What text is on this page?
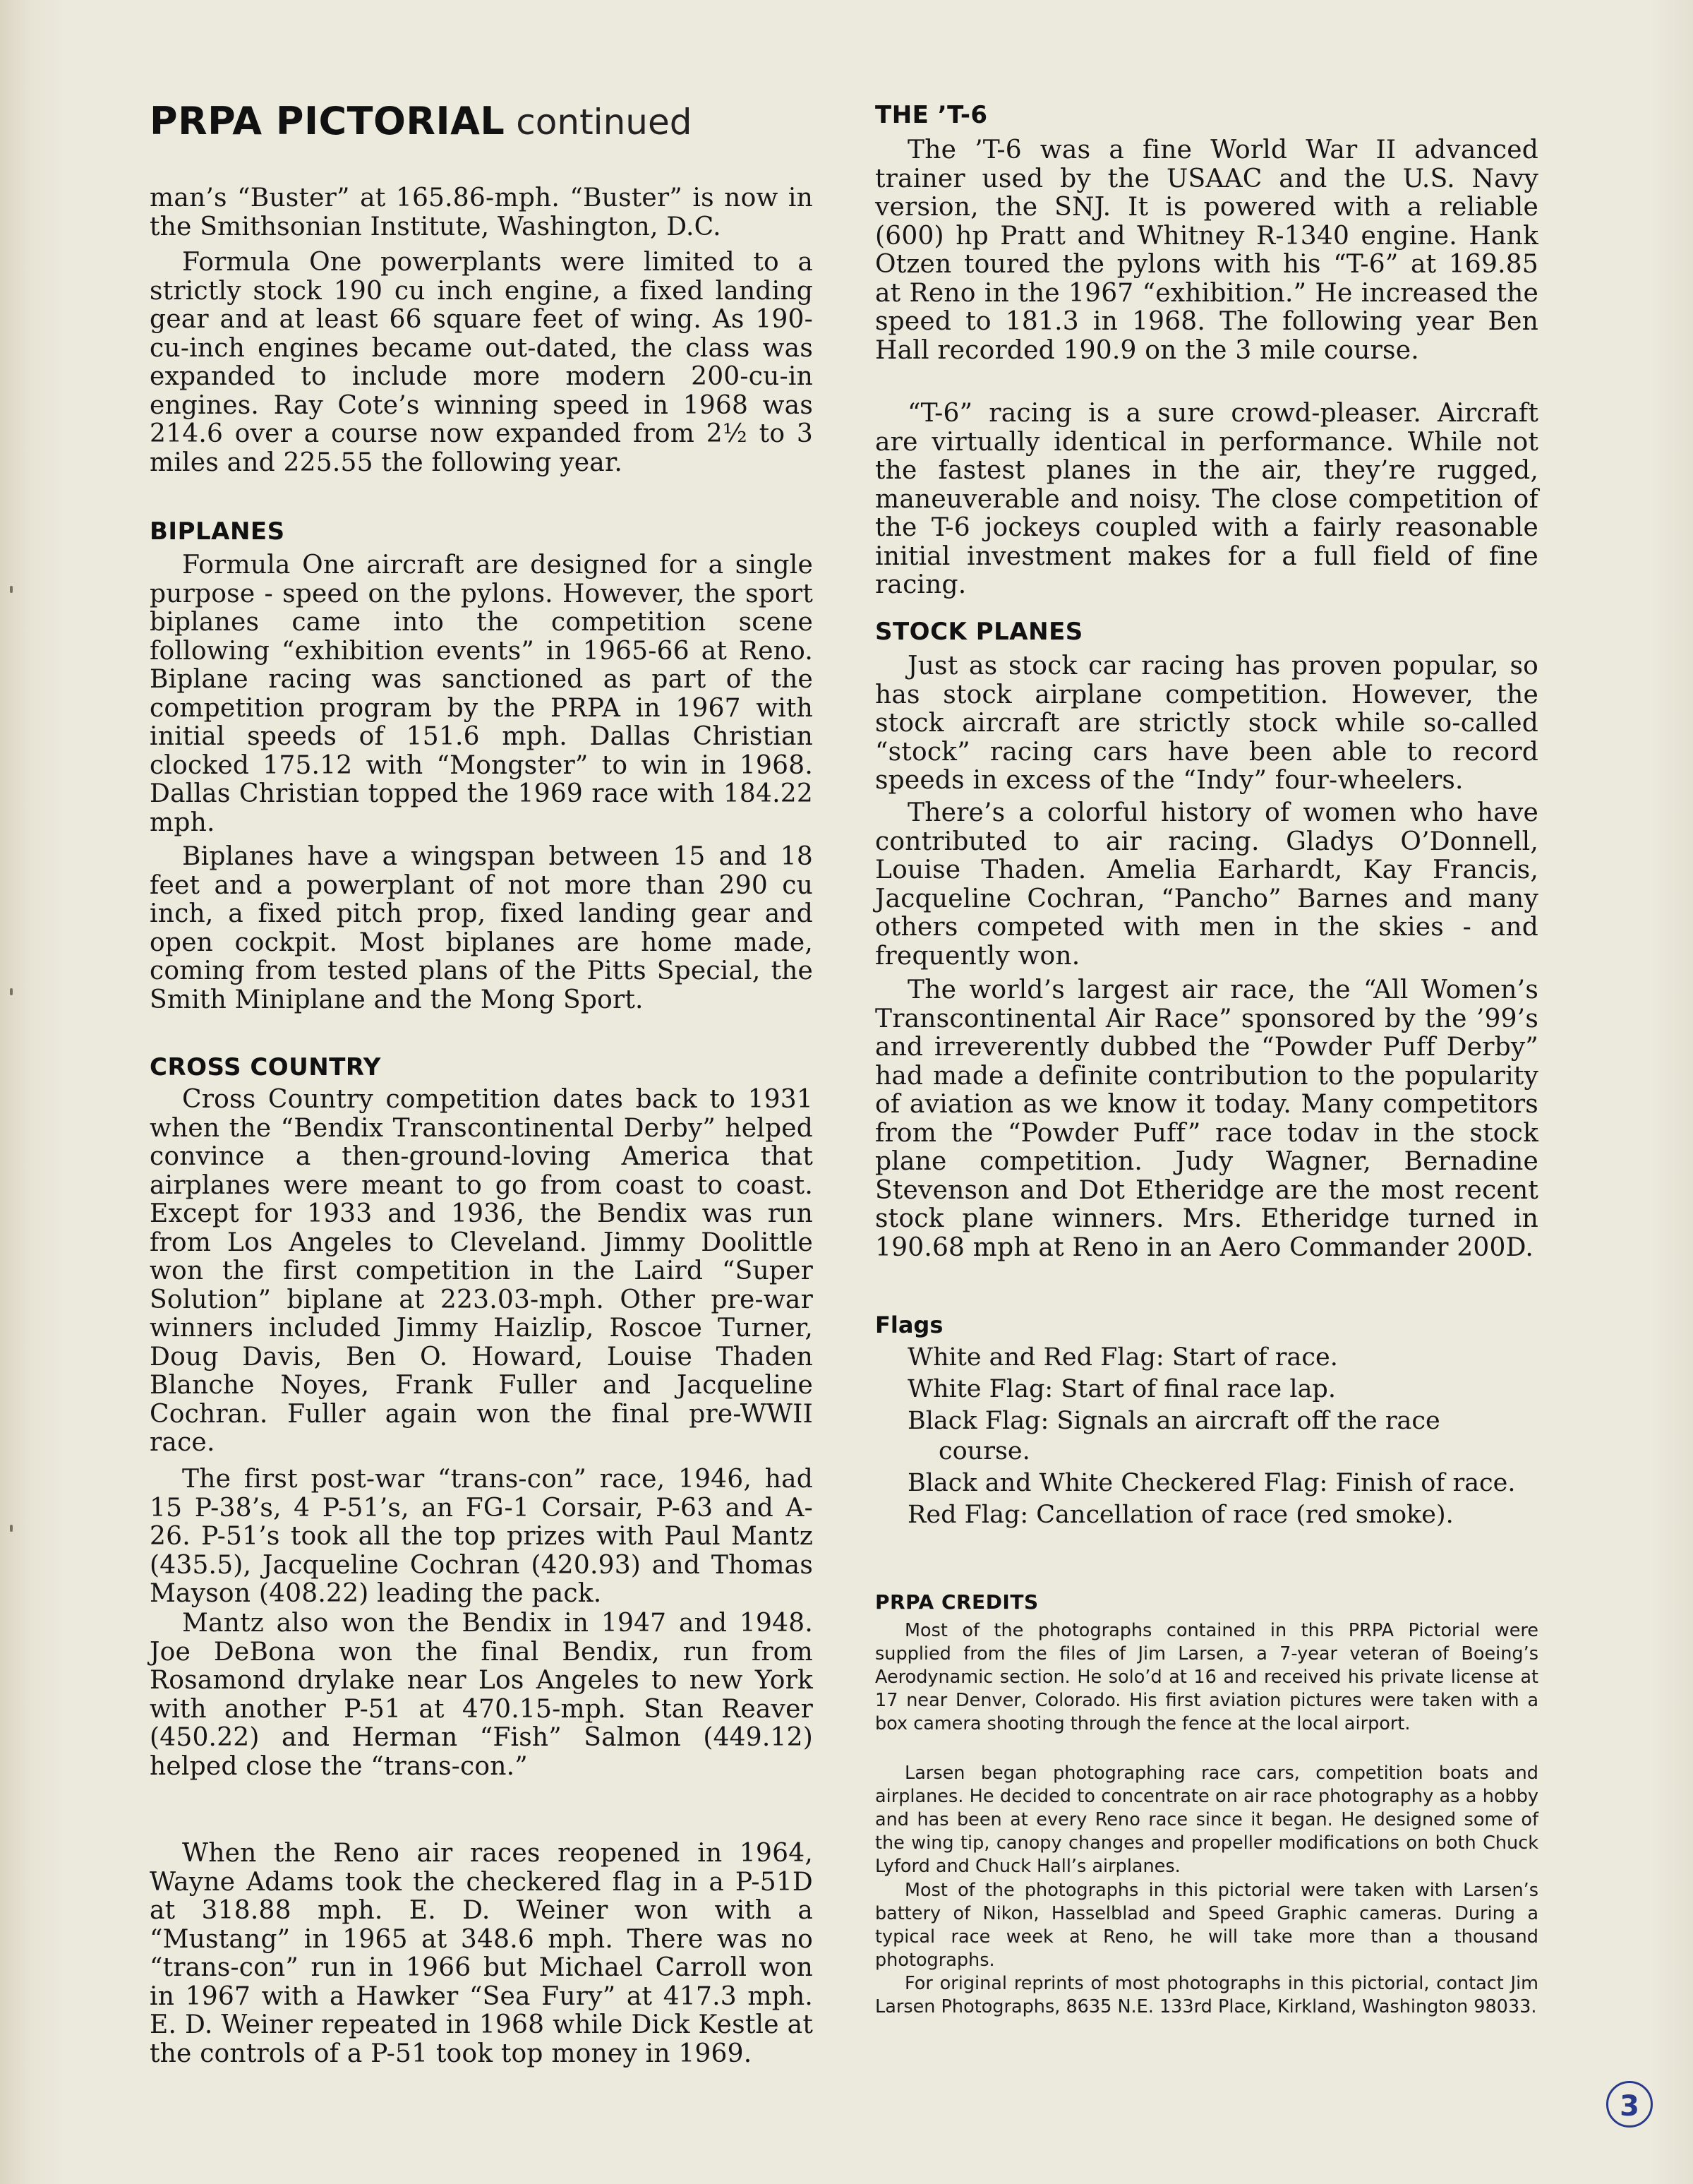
PRPA PICTORIAL continued

man’s “Buster” at 165.86-mph. “Buster” is now in the Smithsonian Institute, Washington, D.C.

Formula One powerplants were limited to a strictly stock 190 cu inch engine, a fixed landing gear and at least 66 square feet of wing. As 190-cu-inch engines became out-dated, the class was expanded to include more modern 200-cu-in engines. Ray Cote’s winning speed in 1968 was 214.6 over a course now expanded from 2½ to 3 miles and 225.55 the following year.

BIPLANES

Formula One aircraft are designed for a single purpose - speed on the pylons. However, the sport biplanes came into the competition scene following “exhibition events” in 1965-66 at Reno. Biplane racing was sanctioned as part of the competition program by the PRPA in 1967 with initial speeds of 151.6 mph. Dallas Christian clocked 175.12 with “Mongster” to win in 1968. Dallas Christian topped the 1969 race with 184.22 mph.

Biplanes have a wingspan between 15 and 18 feet and a powerplant of not more than 290 cu inch, a fixed pitch prop, fixed landing gear and open cockpit. Most biplanes are home made, coming from tested plans of the Pitts Special, the Smith Miniplane and the Mong Sport.

CROSS COUNTRY

Cross Country competition dates back to 1931 when the “Bendix Transcontinental Derby” helped convince a then-ground-loving America that airplanes were meant to go from coast to coast. Except for 1933 and 1936, the Bendix was run from Los Angeles to Cleveland. Jimmy Doolittle won the first competition in the Laird “Super Solution” biplane at 223.03-mph. Other pre-war winners included Jimmy Haizlip, Roscoe Turner, Doug Davis, Ben O. Howard, Louise Thaden Blanche Noyes, Frank Fuller and Jacqueline Cochran. Fuller again won the final pre-WWII race.

The first post-war “trans-con” race, 1946, had 15 P-38’s, 4 P-51’s, an FG-1 Corsair, P-63 and A-26. P-51’s took all the top prizes with Paul Mantz (435.5), Jacqueline Cochran (420.93) and Thomas Mayson (408.22) leading the pack.

Mantz also won the Bendix in 1947 and 1948. Joe DeBona won the final Bendix, run from Rosamond drylake near Los Angeles to new York with another P-51 at 470.15-mph. Stan Reaver (450.22) and Herman “Fish” Salmon (449.12) helped close the “trans-con.”

When the Reno air races reopened in 1964, Wayne Adams took the checkered flag in a P-51D at 318.88 mph. E. D. Weiner won with a “Mustang” in 1965 at 348.6 mph. There was no “trans-con” run in 1966 but Michael Carroll won in 1967 with a Hawker “Sea Fury” at 417.3 mph. E. D. Weiner repeated in 1968 while Dick Kestle at the controls of a P-51 took top money in 1969.

THE ’T-6

The ’T-6 was a fine World War II advanced trainer used by the USAAC and the U.S. Navy version, the SNJ. It is powered with a reliable (600) hp Pratt and Whitney R-1340 engine. Hank Otzen toured the pylons with his “T-6” at 169.85 at Reno in the 1967 “exhibition.” He increased the speed to 181.3 in 1968. The following year Ben Hall recorded 190.9 on the 3 mile course.

“T-6” racing is a sure crowd-pleaser. Aircraft are virtually identical in performance. While not the fastest planes in the air, they’re rugged, maneuverable and noisy. The close competition of the T-6 jockeys coupled with a fairly reasonable initial investment makes for a full field of fine racing.

STOCK PLANES

Just as stock car racing has proven popular, so has stock airplane competition. However, the stock aircraft are strictly stock while so-called “stock” racing cars have been able to record speeds in excess of the “Indy” four-wheelers.

There’s a colorful history of women who have contributed to air racing. Gladys O’Donnell, Louise Thaden. Amelia Earhardt, Kay Francis, Jacqueline Cochran, “Pancho” Barnes and many others competed with men in the skies - and frequently won.

The world’s largest air race, the “All Women’s Transcontinental Air Race” sponsored by the ’99’s and irreverently dubbed the “Powder Puff Derby” had made a definite contribution to the popularity of aviation as we know it today. Many competitors from the “Powder Puff” race todav in the stock plane competition. Judy Wagner, Bernadine Stevenson and Dot Etheridge are the most recent stock plane winners. Mrs. Etheridge turned in 190.68 mph at Reno in an Aero Commander 200D.

Flags
White and Red Flag: Start of race.
White Flag: Start of final race lap.
Black Flag: Signals an aircraft off the race course.
Black and White Checkered Flag: Finish of race.
Red Flag: Cancellation of race (red smoke).
PRPA CREDITS

Most of the photographs contained in this PRPA Pictorial were supplied from the files of Jim Larsen, a 7-year veteran of Boeing’s Aerodynamic section. He solo’d at 16 and received his private license at 17 near Denver, Colorado. His first aviation pictures were taken with a box camera shooting through the fence at the local airport.

Larsen began photographing race cars, competition boats and airplanes. He decided to concentrate on air race photography as a hobby and has been at every Reno race since it began. He designed some of the wing tip, canopy changes and propeller modifications on both Chuck Lyford and Chuck Hall’s airplanes.

Most of the photographs in this pictorial were taken with Larsen’s battery of Nikon, Hasselblad and Speed Graphic cameras. During a typical race week at Reno, he will take more than a thousand photographs.

For original reprints of most photographs in this pictorial, contact Jim Larsen Photographs, 8635 N.E. 133rd Place, Kirkland, Washington 98033.

3
